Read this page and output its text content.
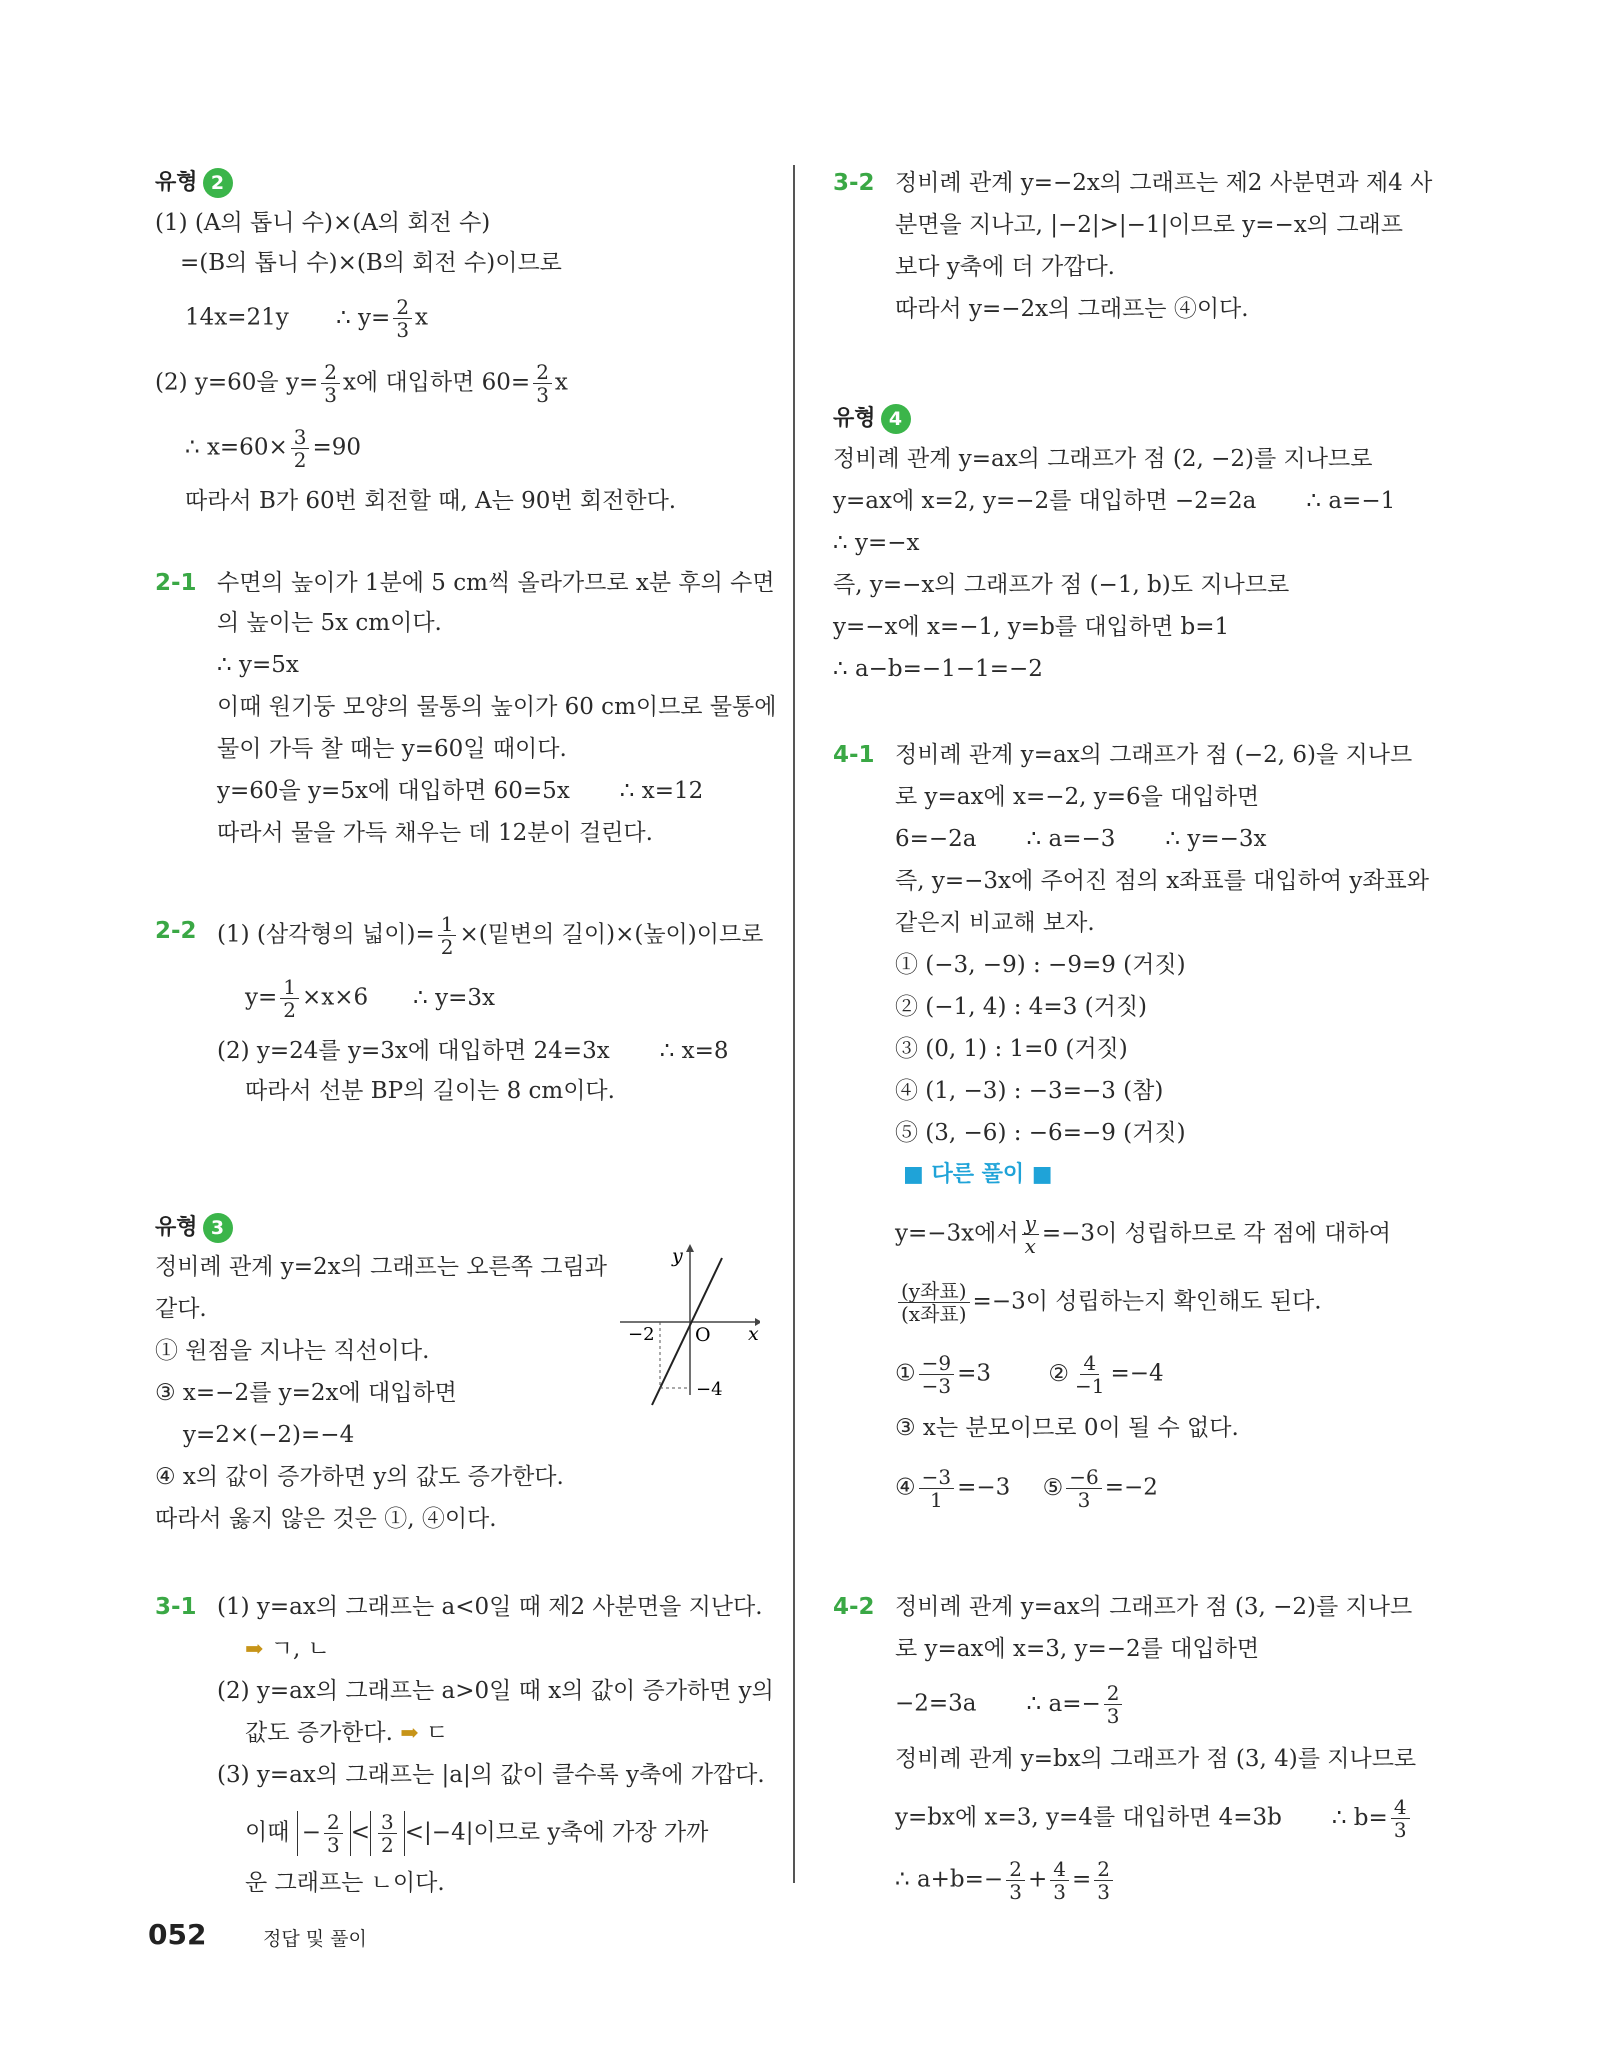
유형 2
(1) (A의 톱니 수)×(A의 회전 수)
=(B의 톱니 수)×(B의 회전 수)이므로
14x=21y ∴ $y= \frac{2}{3}$ x
(2) y=60을 $y= \frac{2}{3}$ x에 대입하면 $60= \frac{2}{3}$ x
∴ $x=60\times \frac{3}{2} =90$
따라서 B가 60번 회전할 때, A는 90번 회전한다.
2-1 수면의 높이가 1분에 5 cm씩 올라가므로 x분 후의 수면
의 높이는 5x cm이다.
∴ y=5x
이때 원기둥 모양의 물통의 높이가 60 cm이므로 물통에
물이 가득 찰 때는 y=60일 때이다.
y=60을 y=5x에 대입하면 60=5x ∴ x=12
따라서 물을 가득 채우는 데 12분이 걸린다.
2-2 (1) (삼각형의 넓이)= $\frac{1}{2}$ ×(밑변의 길이)×(높이)이므로
$y= \frac{1}{2} \times x\times 6$ ∴ y=3x
(2) y=24를 y=3x에 대입하면 24=3x ∴ x=8
따라서 선분 BP의 길이는 8 cm이다.
유형 3
정비례 관계 y=2x의 그래프는 오른쪽 그림과
같다.
① 원점을 지나는 직선이다.
③ x=−2를 y=2x에 대입하면
y=2×(−2)=−4
④ x의 값이 증가하면 y의 값도 증가한다.
따라서 옳지 않은 것은 ①, ④이다.
3-1 (1) y=ax의 그래프는 a<0일 때 제2 사분면을 지난다.
➡ ㄱ, ㄴ
(2) y=ax의 그래프는 a>0일 때 x의 값이 증가하면 y의
값도 증가한다. ➡ ㄷ
(3) y=ax의 그래프는 |a|의 값이 클수록 y축에 가깝다.
이때 − $\frac{2}{3} < \frac{3}{2} <|-4|$이므로 y축에 가장 가까
운 그래프는 ㄴ이다.
y
x
O
−2
−4
3-2 정비례 관계 y=−2x의 그래프는 제2 사분면과 제4 사
분면을 지나고, |−2|>|−1|이므로 y=−x의 그래프
보다 y축에 더 가깝다.
따라서 y=−2x의 그래프는 ④이다.
유형 4
정비례 관계 y=ax의 그래프가 점 (2, −2)를 지나므로
y=ax에 x=2, y=−2를 대입하면 −2=2a ∴ a=−1
∴ y=−x
즉, y=−x의 그래프가 점 (−1, b)도 지나므로
y=−x에 x=−1, y=b를 대입하면 b=1
∴ a−b=−1−1=−2
4-1 정비례 관계 y=ax의 그래프가 점 (−2, 6)을 지나므
로 y=ax에 x=−2, y=6을 대입하면
6=−2a ∴ a=−3 ∴ y=−3x
즉, y=−3x에 주어진 점의 x좌표를 대입하여 y좌표와
같은지 비교해 보자.
① (−3, −9) : −9=9 (거짓)
② (−1, 4) : 4=3 (거짓)
③ (0, 1) : 1=0 (거짓)
④ (1, −3) : −3=−3 (참)
⑤ (3, −6) : −6=−9 (거짓)
■ 다른 풀이 ■
y=−3x에서 $\frac{y}{x} =-3$이 성립하므로 각 점에 대하여
(y좌표)
(x좌표) =−3이 성립하는지 확인해도 된다.
① $\frac{-9}{-3} =3$ ② $\frac{4}{-1} =-4$
③ x는 분모이므로 0이 될 수 없다.
④ $\frac{-3}{1} =-3$ ⑤ $\frac{-6}{3} =-2$
4-2 정비례 관계 y=ax의 그래프가 점 (3, −2)를 지나므
로 y=ax에 x=3, y=−2를 대입하면
−2=3a ∴ $a=- \frac{2}{3}$
정비례 관계 y=bx의 그래프가 점 (3, 4)를 지나므로
y=bx에 x=3, y=4를 대입하면 4=3b ∴ $b= \frac{4}{3}$
∴ $a+b=- \frac{2}{3} + \frac{4}{3} = \frac{2}{3}$
052	정답 및 풀이
